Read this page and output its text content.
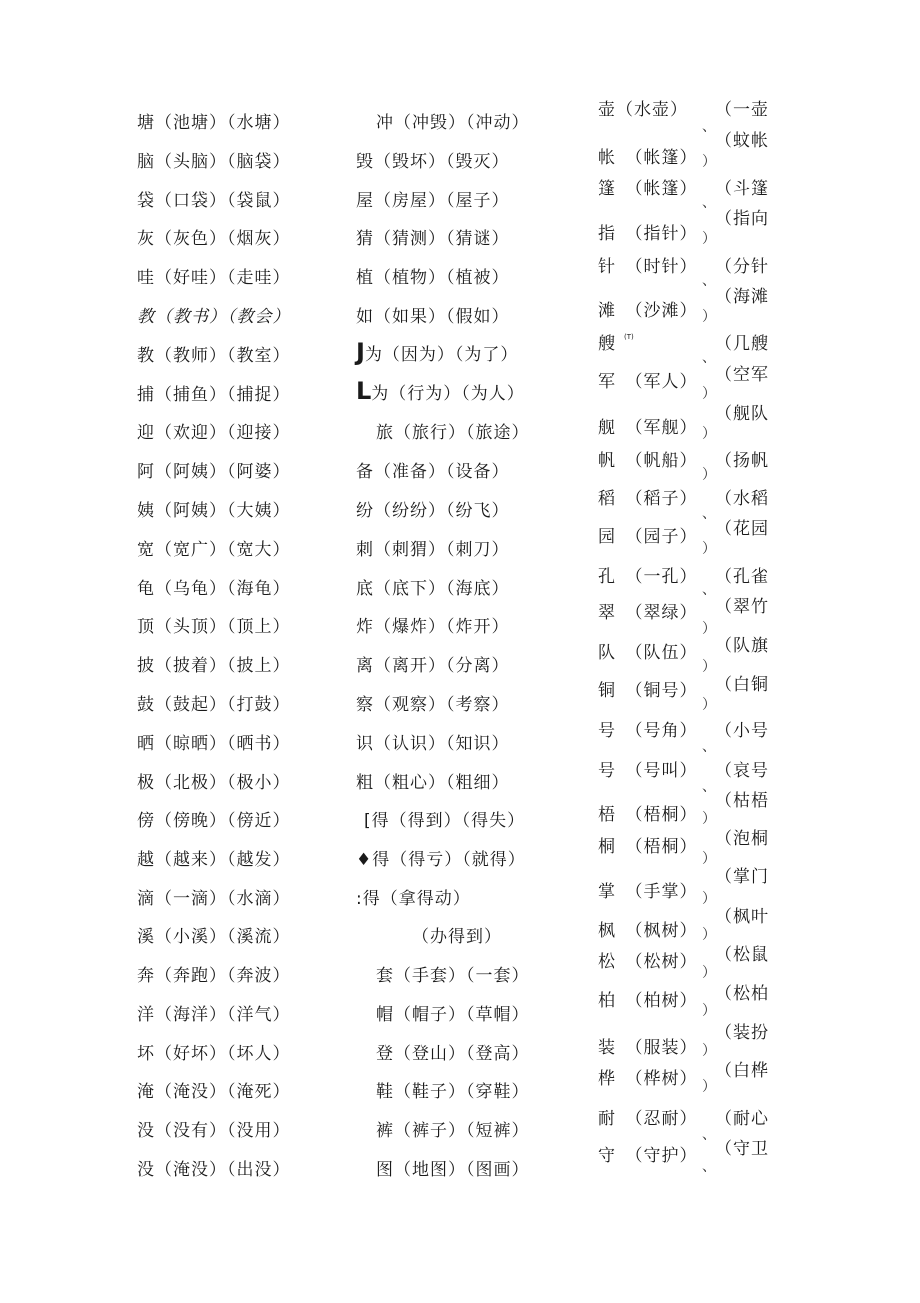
塘（池塘）（水塘）
脑（头脑）（脑袋）
袋（口袋）（袋鼠）
灰（灰色）（烟灰）
哇（好哇）（走哇）
教（教书）（教会）
教（教师）（教室）
捕（捕鱼）（捕捉）
迎（欢迎）（迎接）
阿（阿姨）（阿婆）
姨（阿姨）（大姨）
宽（宽广）（宽大）
龟（乌龟）（海龟）
顶（头顶）（顶上）
披（披着）（披上）
鼓（鼓起）（打鼓）
晒（晾晒）（晒书）
极（北极）（极小）
傍（傍晚）（傍近）
越（越来）（越发）
滴（一滴）（水滴）
溪（小溪）（溪流）
奔（奔跑）（奔波）
洋（海洋）（洋气）
坏（好坏）（坏人）
淹（淹没）（淹死）
没（没有）（没用）
没（淹没）（出没）
冲（冲毁）（冲动）
毁（毁坏）（毁灭）
屋（房屋）（屋子）
猜（猜测）（猜谜）
植（植物）（植被）
如（如果）（假如）
J为（因为）（为了）
L为（行为）（为人）
旅（旅行）（旅途）
备（准备）（设备）
纷（纷纷）（纷飞）
刺（刺猬）（刺刀）
底（底下）（海底）
炸（爆炸）（炸开）
离（离开）（分离）
察（观察）（考察）
识（认识）（知识）
粗（粗心）（粗细）
[得（得到）（得失）
♦得（得亏）（就得）
:得（拿得动）
（办得到）
套（手套）（一套）
帽（帽子）（草帽）
登（登山）（登高）
鞋（鞋子）（穿鞋）
裤（裤子）（短裤）
图（地图）（图画）
壶（水壶）
帐　（帐篷）
篷　（帐篷）
指　（指针）
针　（时针）
滩　（沙滩）
艘 (T)
军　（军人）
舰　（军舰）
帆　（帆船）
稻　（稻子）
园　（园子）
孔　（一孔）
翠　（翠绿）
队　（队伍）
铜　（铜号）
号　（号角）
号　（号叫）
梧　（梧桐）
桐　（梧桐）
掌　（手掌）
枫　（枫树）
松　（松树）
柏　（柏树）
装　（服装）
桦　（桦树）
耐　（忍耐）
守　（守护）
（一壶
（蚊帐
（斗篷
（指向
（分针
（海滩
（几艘
（空军
（舰队
（扬帆
（水稻
（花园
（孔雀
（翠竹
（队旗
（白铜
（小号
（哀号
（枯梧
（泡桐
（掌门
（枫叶
（松鼠
（松柏
（装扮
（白桦
（耐心
（守卫
、
）
、
）
、
）
、
）
）
）
、
）
、
）
）
）
、
、
）
）
）
）
）
）
）
）
、
、
